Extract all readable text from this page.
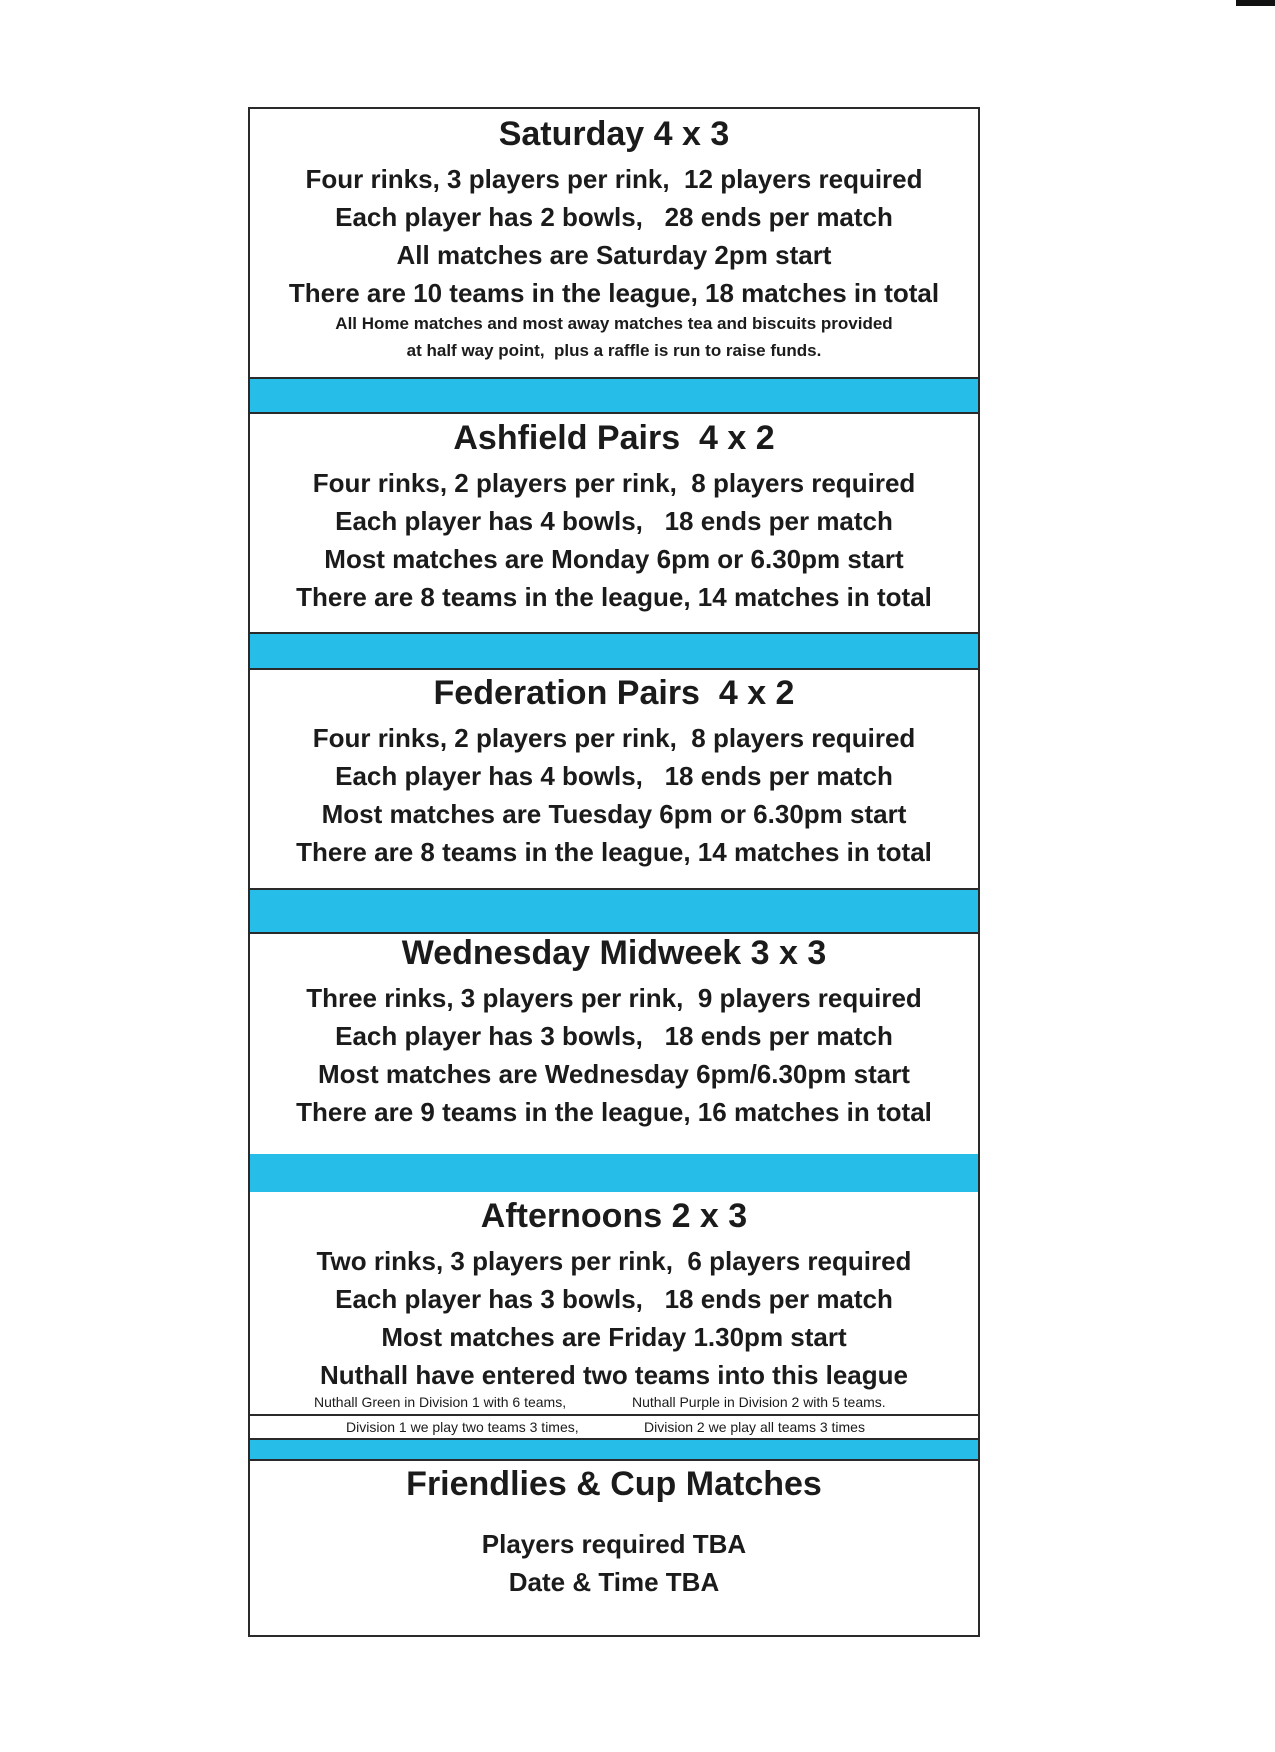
Saturday 4 x 3
Four rinks, 3 players per rink,  12 players required
Each player has 2 bowls,   28 ends per match
All matches are Saturday 2pm start
There are 10 teams in the league, 18 matches in total
All Home matches and most away matches tea and biscuits provided
at half way point,  plus a raffle is run to raise funds.
Ashfield Pairs  4 x 2
Four rinks, 2 players per rink,  8 players required
Each player has 4 bowls,   18 ends per match
Most matches are Monday 6pm or 6.30pm start
There are 8 teams in the league, 14 matches in total
Federation Pairs  4 x 2
Four rinks, 2 players per rink,  8 players required
Each player has 4 bowls,   18 ends per match
Most matches are Tuesday 6pm or 6.30pm start
There are 8 teams in the league, 14 matches in total
Wednesday Midweek 3 x 3
Three rinks, 3 players per rink,  9 players required
Each player has 3 bowls,   18 ends per match
Most matches are Wednesday 6pm/6.30pm start
There are 9 teams in the league, 16 matches in total
Afternoons 2 x 3
Two rinks, 3 players per rink,  6 players required
Each player has 3 bowls,   18 ends per match
Most matches are Friday 1.30pm start
Nuthall have entered two teams into this league
Nuthall Green in Division 1 with 6 teams,	Nuthall Purple in Division 2 with 5 teams.
Division 1 we play two teams 3 times,	Division 2 we play all teams 3 times
Friendlies & Cup Matches
Players required TBA
Date & Time TBA
